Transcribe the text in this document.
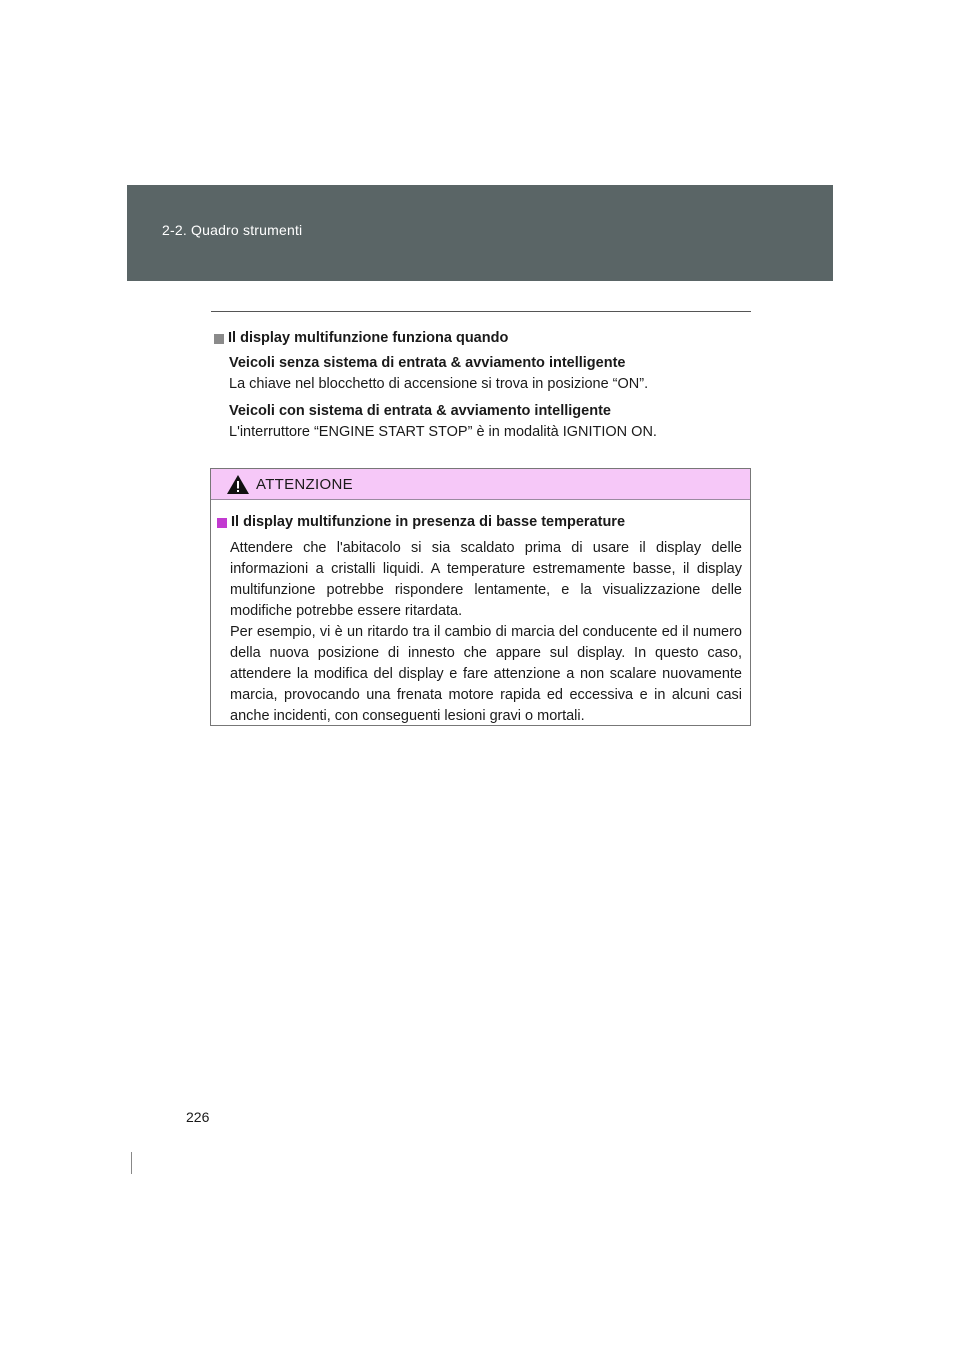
2-2. Quadro strumenti
Il display multifunzione funziona quando
Veicoli senza sistema di entrata & avviamento intelligente
La chiave nel blocchetto di accensione si trova in posizione “ON”.
Veicoli con sistema di entrata & avviamento intelligente
L'interruttore “ENGINE START STOP” è in modalità IGNITION ON.
ATTENZIONE
Il display multifunzione in presenza di basse temperature

Attendere che l'abitacolo si sia scaldato prima di usare il display delle informazioni a cristalli liquidi. A temperature estremamente basse, il display multifunzione potrebbe rispondere lentamente, e la visualizzazione delle modifiche potrebbe essere ritardata.

Per esempio, vi è un ritardo tra il cambio di marcia del conducente ed il numero della nuova posizione di innesto che appare sul display. In questo caso, attendere la modifica del display e fare attenzione a non scalare nuovamente marcia, provocando una frenata motore rapida ed eccessiva e in alcuni casi anche incidenti, con conseguenti lesioni gravi o mortali.

226
